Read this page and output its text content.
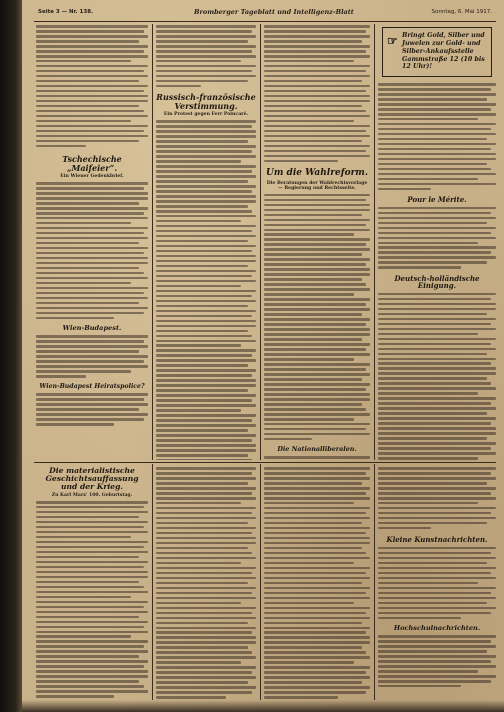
Seite 3 — Nr. 138.	Bromberger Tageblatt und Intelligenz-Blatt	Sonntag, 6. Mai 1917.
Tschechische „Maifeier“.
Ein Wiener Gedenkbrief.
Wien-Budapest.
Wien-Budapest Heiratspolice?
Russisch-französische Verstimmung.
Ein Protest gegen Ferr Poincaré.
Um die Wahlreform.
Die Beratungen der Wahlrechtsvorlage — Regierung und Rechtsseite.
Die Nationalliberalen.
Pour le Mérite.
Deutsch-holländische Einigung.
☞ Bringt Gold, Silber und Juwelen zur Gold- und Silber-Ankaufsstelle Gammstraße 12 (10 bis 12 Uhr)!
Die materialistische Geschichtsauffassung und der Krieg.
Zu Karl Marx' 100. Geburtstag.
Kleine Kunstnachrichten.
Hochschulnachrichten.
